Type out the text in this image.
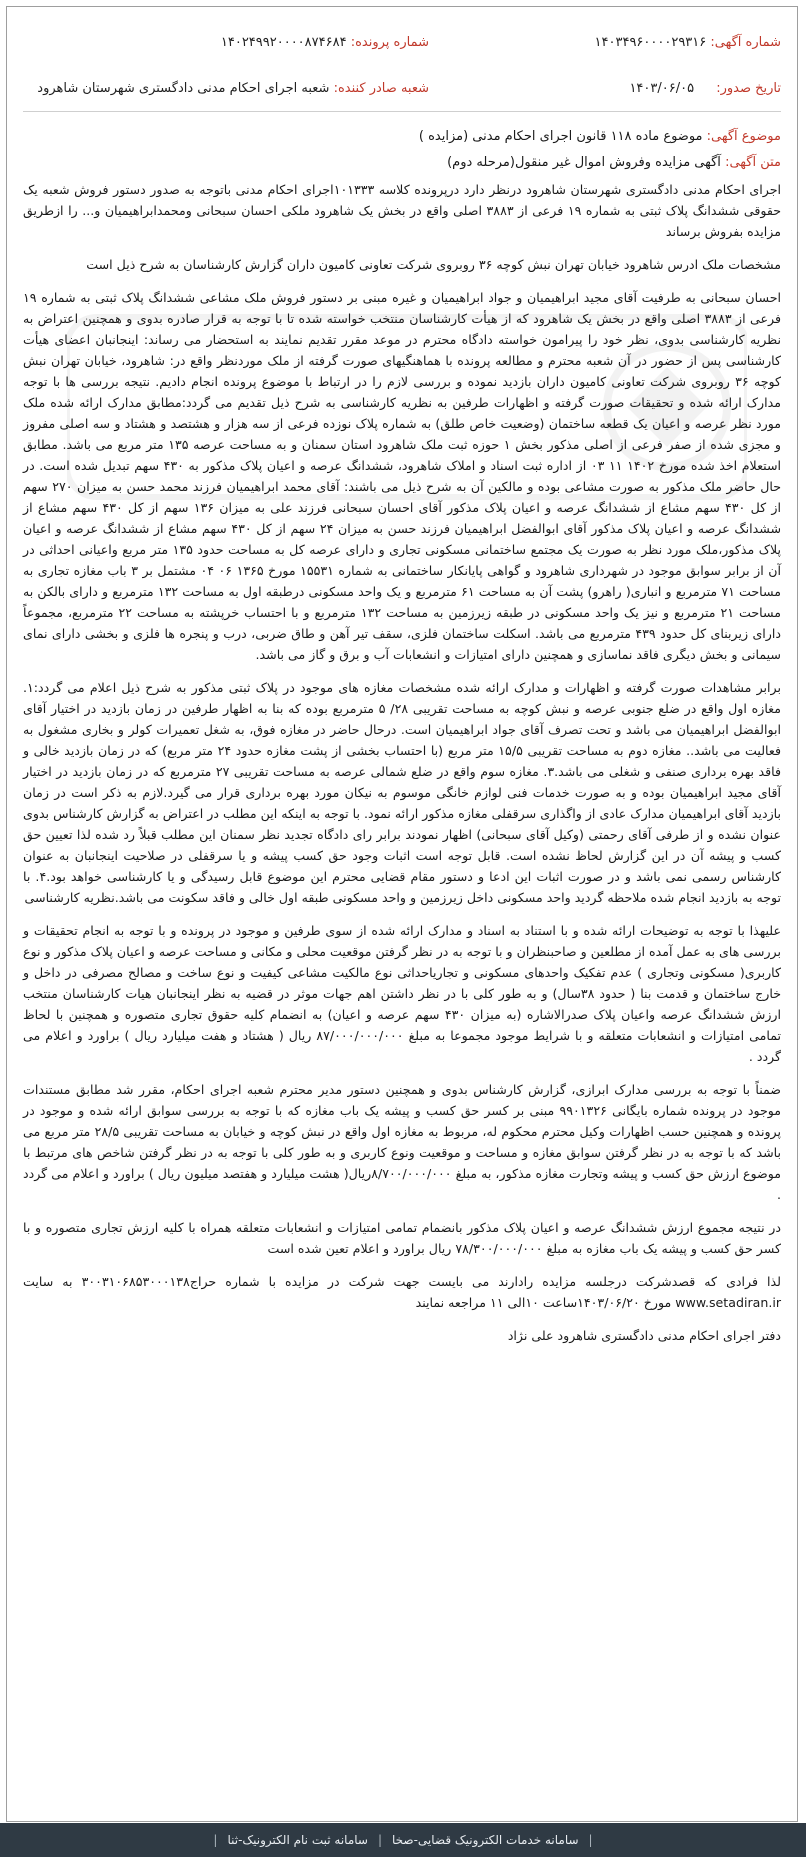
شماره آگهی: ۱۴۰۳۴۹۶۰۰۰۰۲۹۳۱۶
شماره پرونده: ۱۴۰۲۴۹۹۲۰۰۰۰۸۷۴۶۸۴
تاریخ صدور: ۱۴۰۳/۰۶/۰۵
شعبه صادر کننده: شعبه اجرای احکام مدنی دادگستری شهرستان شاهرود
موضوع آگهی: موضوع ماده ۱۱۸ قانون اجرای احکام مدنی (مزایده )
متن آگهی: آگهی مزایده وفروش اموال غیر منقول(مرحله دوم)

اجرای احکام مدنی دادگستری شهرستان شاهرود درنظر دارد درپرونده کلاسه ۱۰۱۳۳۳اجرای احکام مدنی باتوجه به صدور دستور فروش شعبه یک حقوقی ششدانگ پلاک ثبتی به شماره ۱۹ فرعی از ۳۸۸۳ اصلی واقع در بخش یک شاهرود ملکی احسان سبحانی ومحمدابراهیمیان و... را ازطریق مزایده بفروش برساند

مشخصات ملک ادرس شاهرود خیابان تهران نبش کوچه ۳۶ روبروی شرکت تعاونی کامیون داران گزارش کارشناسان به شرح ذیل است

احسان سبحانی به طرفیت آقای مجید ابراهیمیان و جواد ابراهیمیان و غیره مبنی بر دستور فروش ملک مشاعی ششدانگ پلاک ثبتی به شماره ۱۹ فرعی از ۳۸۸۳ اصلی واقع در بخش یک شاهرود که از هیأت کارشناسان منتخب خواسته شده تا با توجه به قرار صادره بدوی و همچنین اعتراض به نظریه کارشناسی بدوی، نظر خود را پیرامون خواسته دادگاه محترم در موعد مقرر تقدیم نمایند به استحضار می رساند: اینجانبان اعضای هیأت کارشناسی پس از حضور در آن شعبه محترم و مطالعه پرونده با هماهنگیهای صورت گرفته از ملک موردنظر واقع در: شاهرود، خیابان تهران نبش کوچه ۳۶ روبروی شرکت تعاونی کامیون داران بازدید نموده و بررسی لازم را در ارتباط با موضوع پرونده انجام دادیم. نتیجه بررسی ها با توجه مدارک ارائه شده و تحقیقات صورت گرفته و اظهارات طرفین به نظریه کارشناسی به شرح ذیل تقدیم می گردد:مطابق مدارک ارائه شده ملک مورد نظر عرصه و اعیان یک قطعه ساختمان (وضعیت خاص طلق) به شماره پلاک نوزده فرعی از سه هزار و هشتصد و هشتاد و سه اصلی مفروز و مجزی شده از صفر فرعی از اصلی مذکور بخش ۱ حوزه ثبت ملک شاهرود استان سمنان و به مساحت عرصه ۱۳۵ متر مربع می باشد. مطابق استعلام اخذ شده مورخ ۱۴۰۲ ۱۱ ۰۳ از اداره ثبت اسناد و املاک شاهرود، ششدانگ عرصه و اعیان پلاک مذکور به ۴۳۰ سهم تبدیل شده است. در حال حاضر ملک مذکور به صورت مشاعی بوده و مالکین آن به شرح ذیل می باشند: آقای محمد ابراهیمیان فرزند محمد حسن به میزان ۲۷۰ سهم از کل ۴۳۰ سهم مشاع از ششدانگ عرصه و اعیان پلاک مذکور آقای احسان سبحانی فرزند علی به میزان ۱۳۶ سهم از کل ۴۳۰ سهم مشاع از ششدانگ عرصه و اعیان پلاک مذکور آقای ابوالفضل ابراهیمیان فرزند حسن به میزان ۲۴ سهم از کل ۴۳۰ سهم مشاع از ششدانگ عرصه و اعیان پلاک مذکور،ملک مورد نظر به صورت یک مجتمع ساختمانی مسکونی تجاری و دارای عرصه کل به مساحت حدود ۱۳۵ متر مربع واعیانی احداثی در آن از برابر سوابق موجود در شهرداری شاهرود و گواهی پایانکار ساختمانی به شماره ۱۵۵۳۱ مورخ ۱۳۶۵ ۰۶ ۰۴ مشتمل بر ۳ باب مغازه تجاری به مساحت ۷۱ مترمربع و انباری( راهرو) پشت آن به مساحت ۶۱ مترمربع و یک واحد مسکونی درطبقه اول به مساحت ۱۳۲ مترمربع و دارای بالکن به مساحت ۲۱ مترمربع و نیز یک واحد مسکونی در طبقه زیرزمین به مساحت ۱۳۲ مترمربع و با احتساب خرپشته به مساحت ۲۲ مترمربع، مجموعاً دارای زیربنای کل حدود ۴۳۹ مترمربع می باشد. اسکلت ساختمان فلزی، سقف تیر آهن و طاق ضربی، درب و پنجره ها فلزی و بخشی دارای نمای سیمانی و بخش دیگری فاقد نماسازی و همچنین دارای امتیازات و انشعابات آب و برق و گاز می باشد.

برابر مشاهدات صورت گرفته و اظهارات و مدارک ارائه شده مشخصات مغازه های موجود در پلاک ثبتی مذکور به شرح ذیل اعلام می گردد:۱. مغازه اول واقع در ضلع جنوبی عرصه و نبش کوچه به مساحت تقریبی ۲۸/ ۵ مترمربع بوده که بنا به اظهار طرفین در زمان بازدید در اختیار آقای ابوالفضل ابراهیمیان می باشد و تحت تصرف آقای جواد ابراهیمیان است. درحال حاضر در مغازه فوق، به شغل تعمیرات کولر و بخاری مشغول به فعالیت می باشد.. مغازه دوم به مساحت تقریبی ۱۵/۵ متر مربع (با احتساب بخشی از پشت مغازه حدود ۲۴ متر مربع) که در زمان بازدید خالی و فاقد بهره برداری صنفی و شغلی می باشد.۳. مغازه سوم واقع در ضلع شمالی عرصه به مساحت تقریبی ۲۷ مترمربع که در زمان بازدید در اختیار آقای مجید ابراهیمیان بوده و به صورت خدمات فنی لوازم خانگی موسوم به نیکان مورد بهره برداری قرار می گیرد.لازم به ذکر است در زمان بازدید آقای ابراهیمیان مدارک عادی از واگذاری سرقفلی مغازه مذکور ارائه نمود. با توجه به اینکه این مطلب در اعتراض به گزارش کارشناس بدوی عنوان نشده و از طرفی آقای رحمتی (وکیل آقای سبحانی) اظهار نمودند برابر رای دادگاه تجدید نظر سمنان این مطلب قبلاً رد شده لذا تعیین حق کسب و پیشه آن در این گزارش لحاظ نشده است. قابل توجه است اثبات وجود حق کسب پیشه و یا سرقفلی در صلاحیت اینجانبان به عنوان کارشناس رسمی نمی باشد و در صورت اثبات این ادعا و دستور مقام قضایی محترم این موضوع قابل رسیدگی و یا کارشناسی خواهد بود.۴. با توجه به بازدید انجام شده ملاحظه گردید واحد مسکونی داخل زیرزمین و واحد مسکونی طبقه اول خالی و فاقد سکونت می باشد.نظریه کارشناسی

علیهذا با توجه به توضیحات ارائه شده و با استناد به اسناد و مدارک ارائه شده از سوی طرفین و موجود در پرونده و با توجه به انجام تحقیقات و بررسی های به عمل آمده از مطلعین و صاحبنظران و با توجه به در نظر گرفتن موقعیت محلی و مکانی و مساحت عرصه و اعیان پلاک مذکور و نوع کاربری( مسکونی وتجاری ) عدم تفکیک واحدهای مسکونی و تجاریاحداثی نوع مالکیت مشاعی کیفیت و نوع ساخت و مصالح مصرفی در داخل و خارج ساختمان و قدمت بنا ( حدود ۳۸سال) و به طور کلی با در نظر داشتن اهم جهات موثر در قضیه به نظر اینجانبان هیات کارشناسان منتخب ارزش ششدانگ عرصه واعیان پلاک صدرالاشاره (به میزان ۴۳۰ سهم عرصه و اعیان) به انضمام کلیه حقوق تجاری متصوره و همچنین با لحاظ تمامی امتیازات و انشعابات متعلقه و با شرایط موجود مجموعا به مبلغ ۸۷/۰۰۰/۰۰۰/۰۰۰ ریال ( هشتاد و هفت میلیارد ریال ) براورد و اعلام می گردد .

ضمناً با توجه به بررسی مدارک ابرازی، گزارش کارشناس بدوی و همچنین دستور مدیر محترم شعبه اجرای احکام، مقرر شد مطابق مستندات موجود در پرونده شماره بایگانی ۹۹۰۱۳۲۶ مبنی بر کسر حق کسب و پیشه یک باب مغازه که با توجه به بررسی سوابق ارائه شده و موجود در پرونده و همچنین حسب اظهارات وکیل محترم محکوم له، مربوط به مغازه اول واقع در نبش کوچه و خیابان به مساحت تقریبی ۲۸/۵ متر مربع می باشد که با توجه به در نظر گرفتن سوابق مغازه و مساحت و موقعیت ونوع کاربری و به طور کلی با توجه به در نظر گرفتن شاخص های مرتبط با موضوع ارزش حق کسب و پیشه وتجارت مغازه مذکور، به مبلغ ۸/۷۰۰/۰۰۰/۰۰۰ریال( هشت میلیارد و هفتصد میلیون ریال ) براورد و اعلام می گردد .

در نتیجه مجموع ارزش ششدانگ عرصه و اعیان پلاک مذکور بانضمام تمامی امتیازات و انشعابات متعلقه همراه با کلیه ارزش تجاری متصوره و با کسر حق کسب و پیشه یک باب مغازه به مبلغ ۷۸/۳۰۰/۰۰۰/۰۰۰ ریال براورد و اعلام تعین شده است

لذا فرادی که قصدشرکت درجلسه مزایده رادارند می بایست جهت شرکت در مزایده با شماره حراج۳۰۰۳۱۰۶۸۵۳۰۰۰۱۳۸ به سایت www.setadiran.ir مورخ ۱۴۰۳/۰۶/۲۰ساعت ۱۰الی ۱۱ مراجعه نمایند

دفتر اجرای احکام مدنی دادگستری شاهرود علی نژاد

|
سامانه خدمات الکترونیک قضایی-صخا
|
سامانه ثبت نام الکترونیک-ثنا
|
